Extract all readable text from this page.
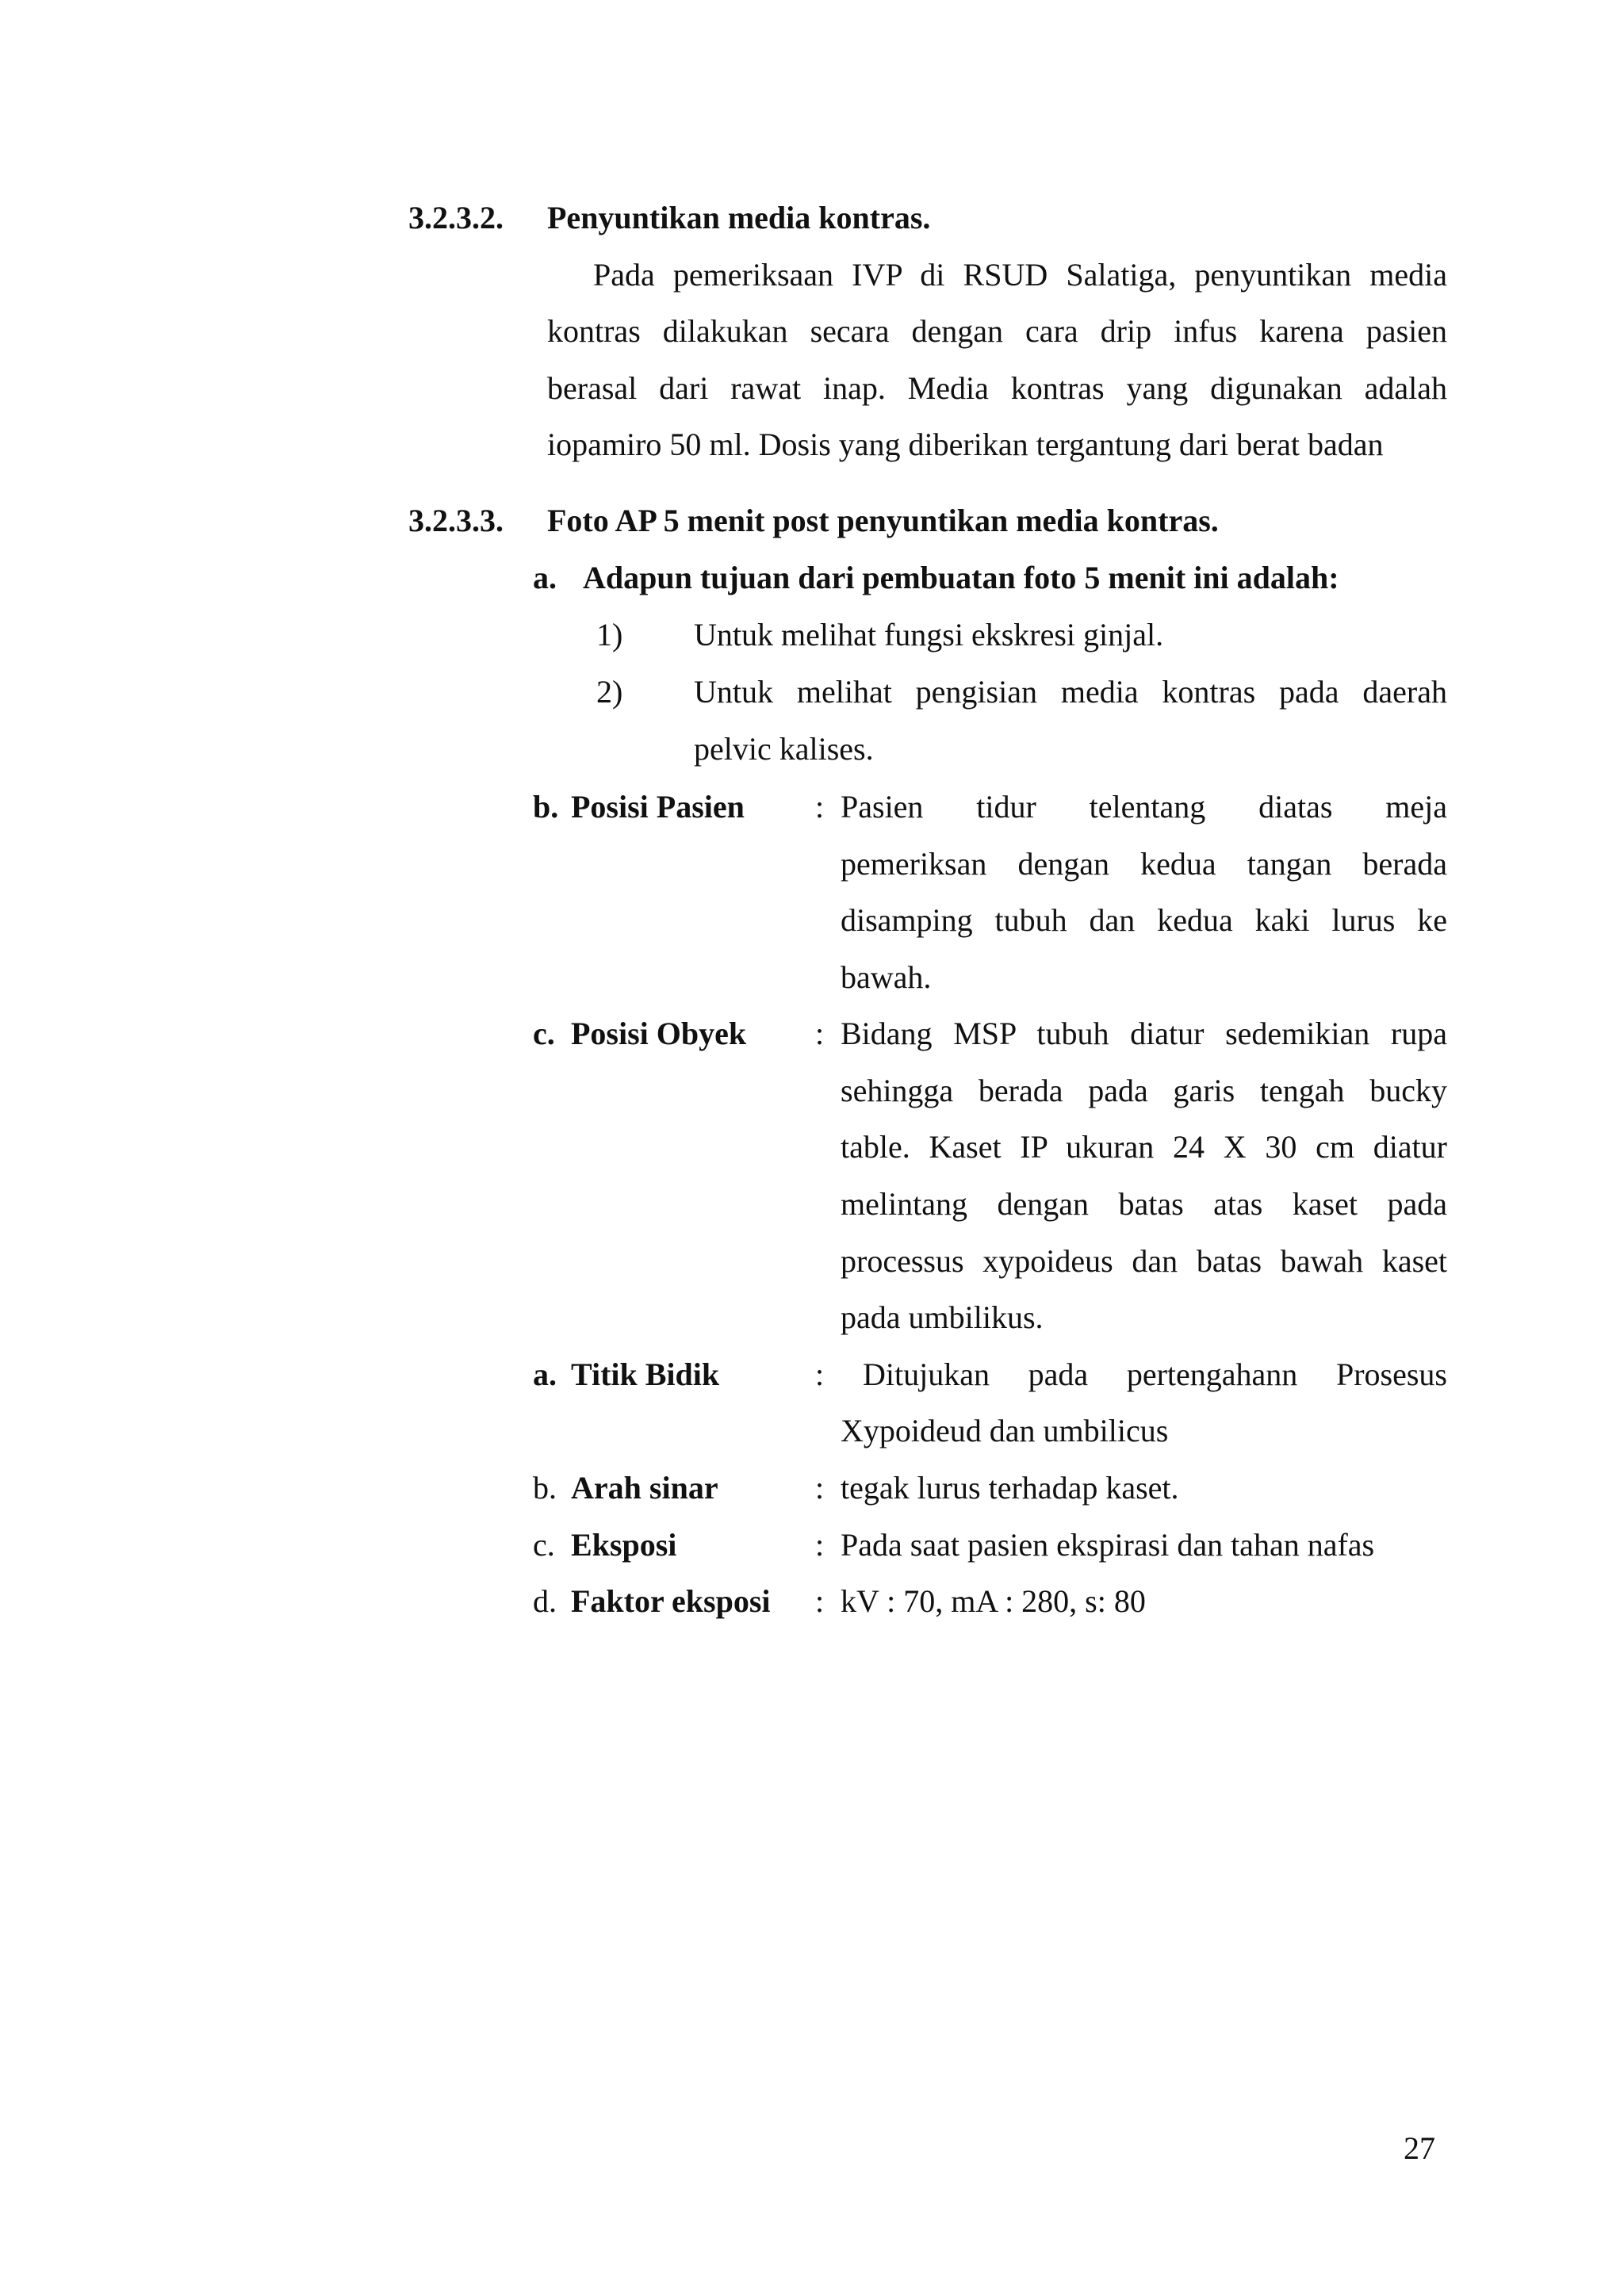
3.2.3.2. Penyuntikan media kontras.
Pada pemeriksaan IVP di RSUD Salatiga, penyuntikan media
kontras dilakukan secara dengan cara drip infus karena pasien
berasal dari rawat inap. Media kontras yang digunakan adalah
iopamiro 50 ml. Dosis yang diberikan tergantung dari berat badan
3.2.3.3. Foto AP 5 menit post penyuntikan media kontras.
a. Adapun tujuan dari pembuatan foto 5 menit ini adalah:
1) Untuk melihat fungsi ekskresi ginjal.
2) Untuk melihat pengisian media kontras pada daerah
pelvic kalises.
b. Posisi Pasien : Pasien tidur telentang diatas meja
pemeriksan dengan kedua tangan berada
disamping tubuh dan kedua kaki lurus ke
bawah.
c. Posisi Obyek : Bidang MSP tubuh diatur sedemikian rupa
sehingga berada pada garis tengah bucky
table. Kaset IP ukuran 24 X 30 cm diatur
melintang dengan batas atas kaset pada
processus xypoideus dan batas bawah kaset
pada umbilikus.
a. Titik Bidik	: Ditujukan pada pertengahann Prosesus
Xypoideud dan umbilicus
b. Arah sinar	: tegak lurus terhadap kaset.
c. Eksposi	: Pada saat pasien ekspirasi dan tahan nafas
d. Faktor eksposi : kV : 70, mA : 280, s: 80
27
